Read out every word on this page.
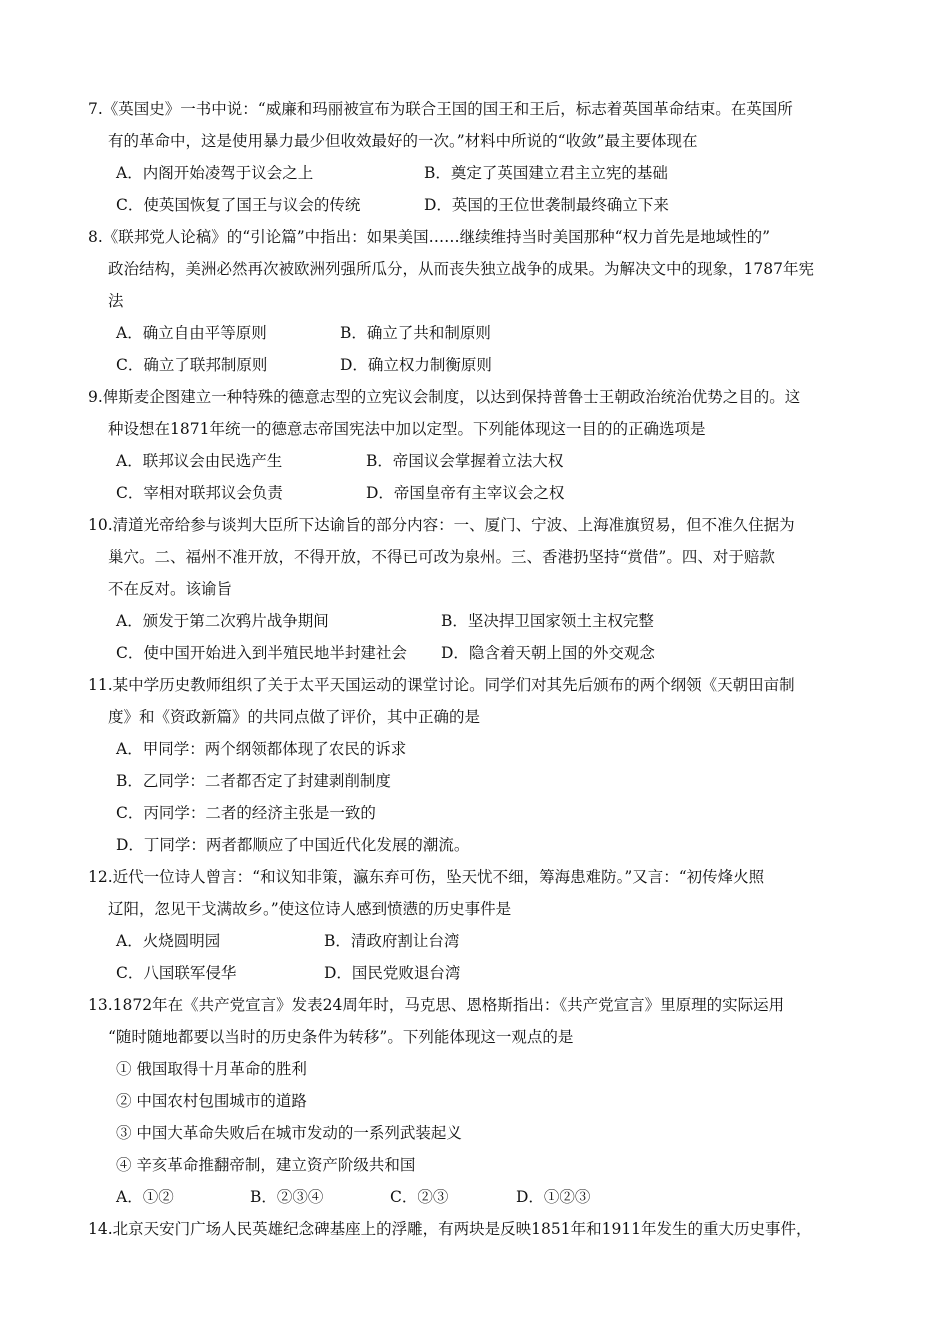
7.《英国史》一书中说：“威廉和玛丽被宣布为联合王国的国王和王后，标志着英国革命结束。在英国所
有的革命中，这是使用暴力最少但收效最好的一次。”材料中所说的“收敛”最主要体现在
A．内阁开始凌驾于议会之上	B．奠定了英国建立君主立宪的基础
C．使英国恢复了国王与议会的传统	D．英国的王位世袭制最终确立下来
8.《联邦党人论稿》的“引论篇”中指出：如果美国……继续维持当时美国那种“权力首先是地域性的”
政治结构，美洲必然再次被欧洲列强所瓜分，从而丧失独立战争的成果。为解决文中的现象，1787年宪
法
A．确立自由平等原则	B．确立了共和制原则
C．确立了联邦制原则	D．确立权力制衡原则
9.俾斯麦企图建立一种特殊的德意志型的立宪议会制度，以达到保持普鲁士王朝政治统治优势之目的。这
种设想在1871年统一的德意志帝国宪法中加以定型。下列能体现这一目的的正确选项是
A．联邦议会由民选产生	B．帝国议会掌握着立法大权
C．宰相对联邦议会负责	D．帝国皇帝有主宰议会之权
10.清道光帝给参与谈判大臣所下达谕旨的部分内容：一、厦门、宁波、上海准旗贸易，但不准久住据为
巢穴。二、福州不准开放，不得开放，不得已可改为泉州。三、香港扔坚持“赏借”。四、对于赔款
不在反对。该谕旨
A．颁发于第二次鸦片战争期间	B．坚决捍卫国家领土主权完整
C．使中国开始进入到半殖民地半封建社会 D．隐含着天朝上国的外交观念
11.某中学历史教师组织了关于太平天国运动的课堂讨论。同学们对其先后颁布的两个纲领《天朝田亩制
度》和《资政新篇》的共同点做了评价，其中正确的是
A．甲同学：两个纲领都体现了农民的诉求
B．乙同学：二者都否定了封建剥削制度
C．丙同学：二者的经济主张是一致的
D．丁同学：两者都顺应了中国近代化发展的潮流。
12.近代一位诗人曾言：“和议知非策，瀛东弃可伤，坠天忧不细，筹海患难防。”又言：“初传烽火照
辽阳，忽见干戈满故乡。”使这位诗人感到愤懑的历史事件是
A．火烧圆明园	B．清政府割让台湾
C．八国联军侵华	D．国民党败退台湾
13.1872年在《共产党宣言》发表24周年时，马克思、恩格斯指出：《共产党宣言》里原理的实际运用
“随时随地都要以当时的历史条件为转移”。下列能体现这一观点的是
① 俄国取得十月革命的胜利
② 中国农村包围城市的道路
③ 中国大革命失败后在城市发动的一系列武装起义
④ 辛亥革命推翻帝制，建立资产阶级共和国
A．①②	B．②③④	C．②③	D．①②③
14.北京天安门广场人民英雄纪念碑基座上的浮雕，有两块是反映1851年和1911年发生的重大历史事件，
